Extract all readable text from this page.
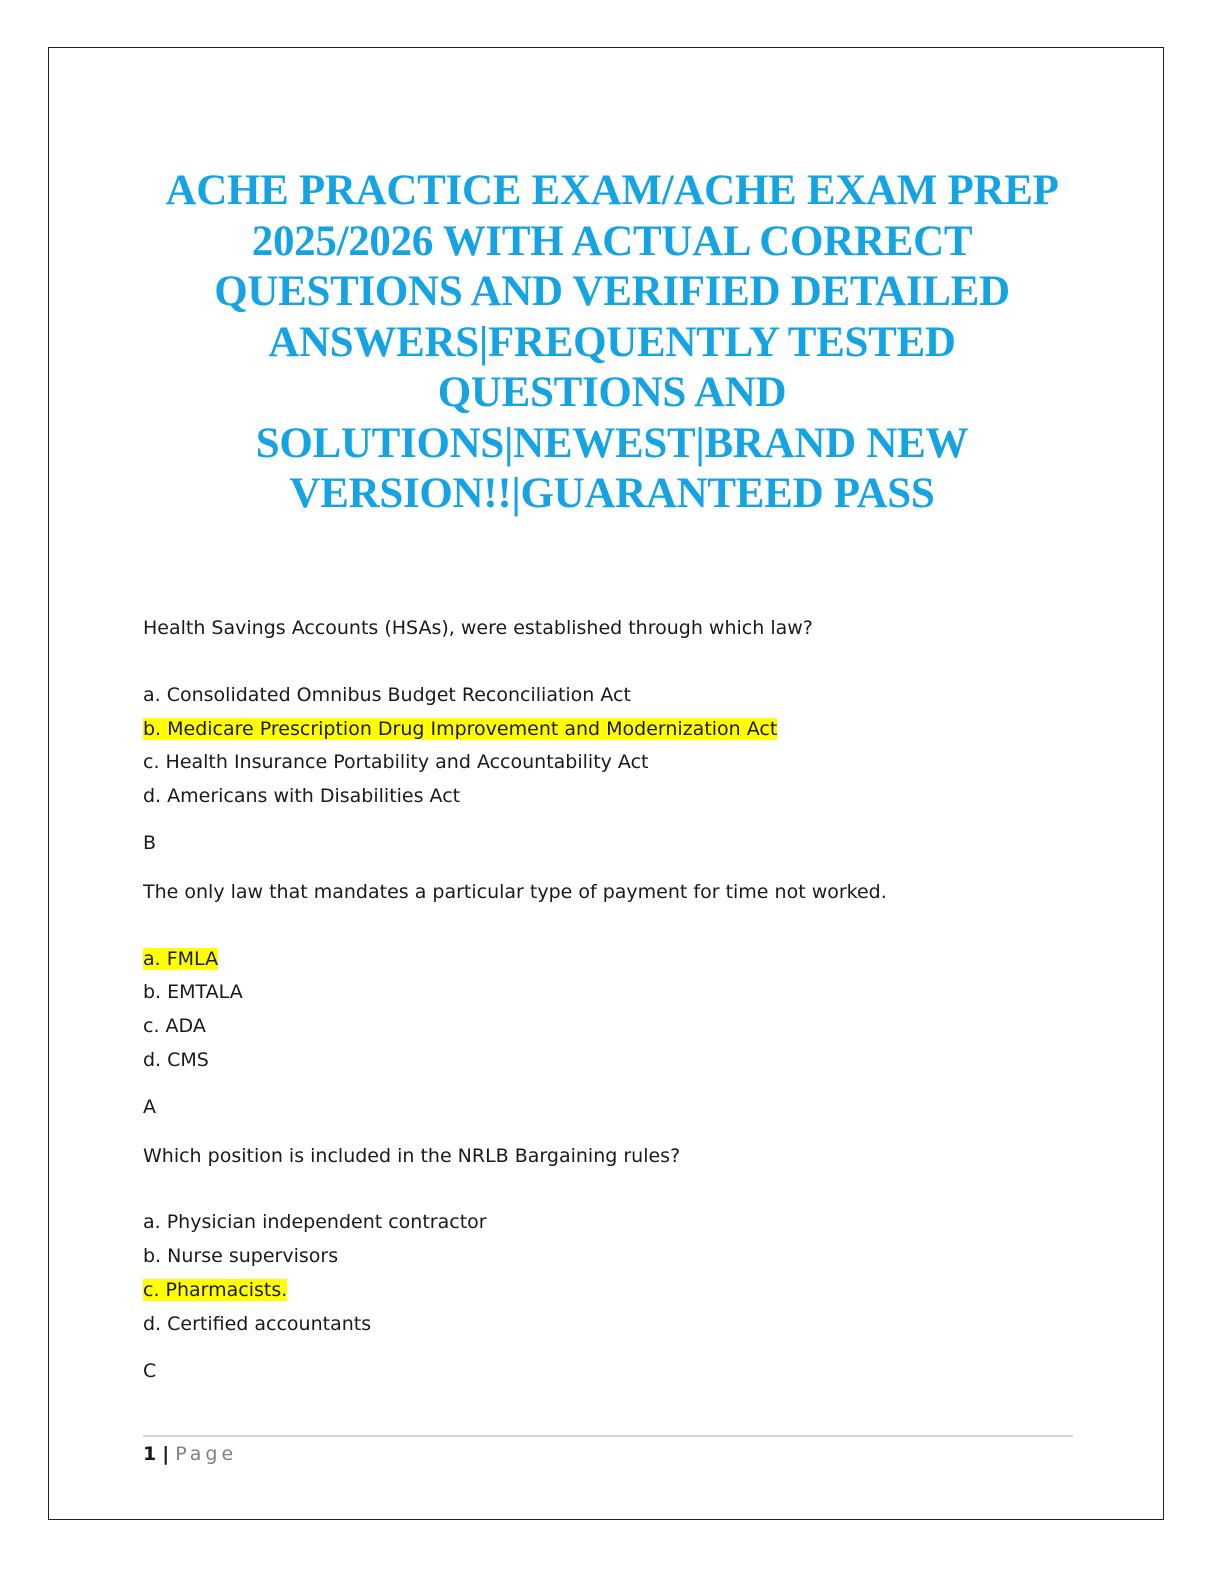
ACHE PRACTICE EXAM/ACHE EXAM PREP
2025/2026 WITH ACTUAL CORRECT
QUESTIONS AND VERIFIED DETAILED
ANSWERS|FREQUENTLY TESTED
QUESTIONS AND
SOLUTIONS|NEWEST|BRAND NEW
VERSION!!|GUARANTEED PASS
Health Savings Accounts (HSAs), were established through which law?
a. Consolidated Omnibus Budget Reconciliation Act
b. Medicare Prescription Drug Improvement and Modernization Act
c. Health Insurance Portability and Accountability Act
d. Americans with Disabilities Act
B
The only law that mandates a particular type of payment for time not worked.
a. FMLA
b. EMTALA
c. ADA
d. CMS
A
Which position is included in the NRLB Bargaining rules?
a. Physician independent contractor
b. Nurse supervisors
c. Pharmacists.
d. Certified accountants
C
1 | Page
